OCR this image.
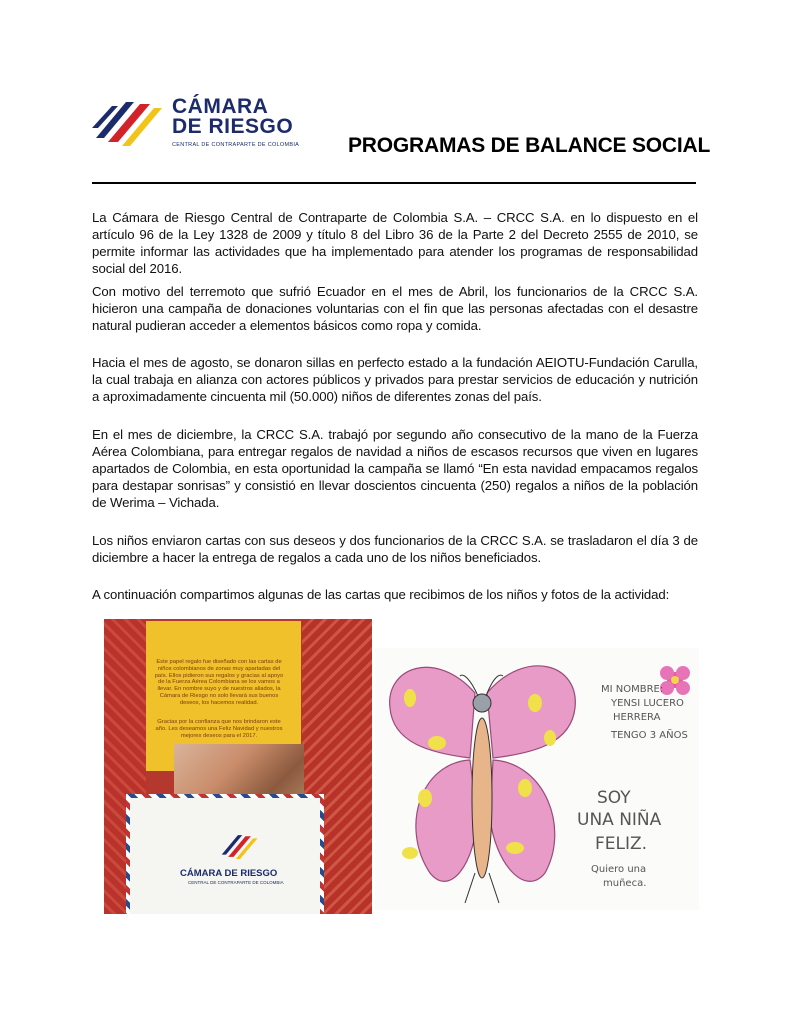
CÁMARA
DE RIESGO
CENTRAL DE CONTRAPARTE DE COLOMBIA PROGRAMAS DE BALANCE SOCIAL
La Cámara de Riesgo Central de Contraparte de Colombia S.A. – CRCC S.A. en lo dispuesto en el artículo 96 de la Ley 1328 de 2009 y título 8 del Libro 36 de la Parte 2 del Decreto 2555 de 2010, se permite informar las actividades que ha implementado para atender los programas de responsabilidad social del 2016.
Con motivo del terremoto que sufrió Ecuador en el mes de Abril, los funcionarios de la CRCC S.A. hicieron una campaña de donaciones voluntarias con el fin que las personas afectadas con el desastre natural pudieran acceder a elementos básicos como ropa y comida.
Hacia el mes de agosto, se donaron sillas en perfecto estado a la fundación AEIOTU-Fundación Carulla, la cual trabaja en alianza con actores públicos y privados para prestar servicios de educación y nutrición a aproximadamente cincuenta mil (50.000) niños de diferentes zonas del país.
En el mes de diciembre, la CRCC S.A. trabajó por segundo año consecutivo de la mano de la Fuerza Aérea Colombiana, para entregar regalos de navidad a niños de escasos recursos que viven en lugares apartados de Colombia, en esta oportunidad la campaña se llamó “En esta navidad empacamos regalos para destapar sonrisas” y consistió en llevar doscientos cincuenta (250) regalos a niños de la población de Werima – Vichada.
Los niños enviaron cartas con sus deseos y dos funcionarios de la CRCC S.A. se trasladaron el día 3 de diciembre a hacer la entrega de regalos a cada uno de los niños beneficiados.
A continuación compartimos algunas de las cartas que recibimos de los niños y fotos de la actividad:
Este papel regalo fue diseñado con las cartas de niños colombianos de zonas muy apartadas del país. Ellos pidieron sus regalos y gracias al apoyo de la Fuerza Aérea Colombiana se los vamos a llevar. En nombre suyo y de nuestros aliados, la Cámara de Riesgo no solo llevará sus buenos deseos, los hacemos realidad.
Gracias por la confianza que nos brindaron este año. Les deseamos una Feliz Navidad y nuestros mejores deseos para el 2017.
CÁMARA DE RIESGO
CENTRAL DE CONTRAPARTE DE COLOMBIA
MI NOMBRE:
YENSI LUCERO
HERRERA
TENGO 3 AÑOS
SOY
UNA NIÑA
FELIZ.
Quiero una
muñeca.
